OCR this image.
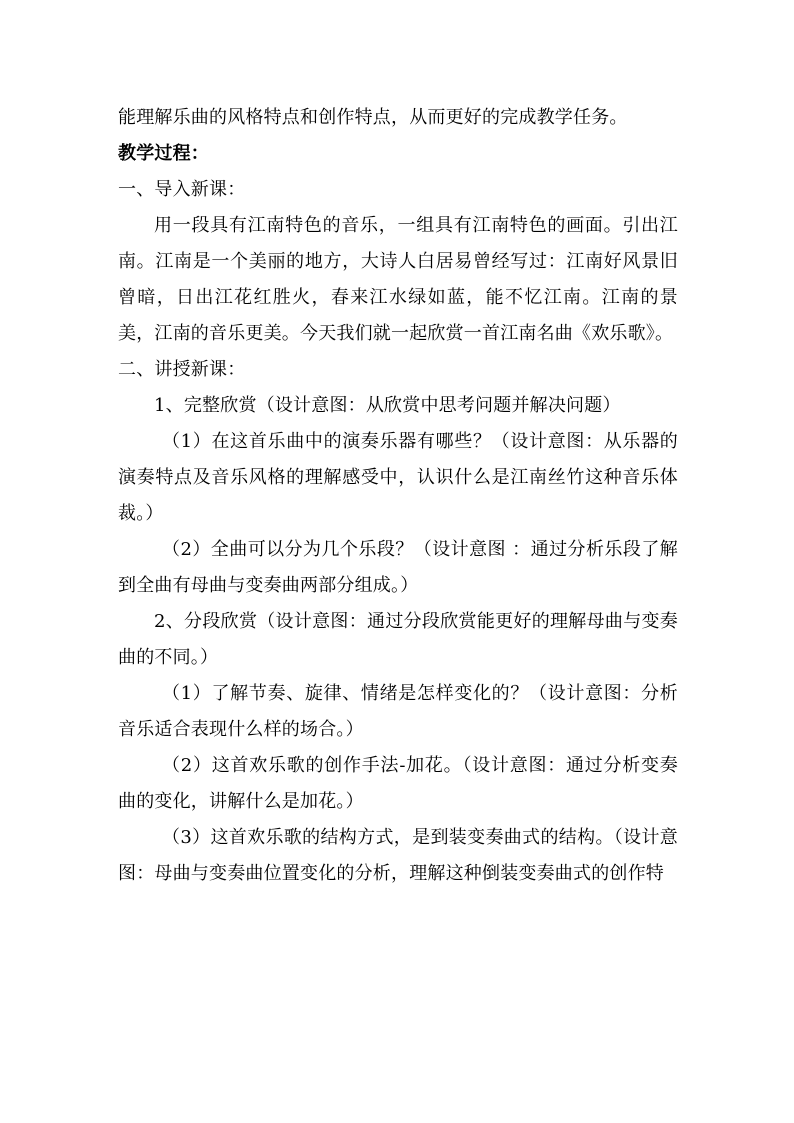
能理解乐曲的风格特点和创作特点，从而更好的完成教学任务。

教学过程：

一、导入新课：

用一段具有江南特色的音乐，一组具有江南特色的画面。引出江南。江南是一个美丽的地方，大诗人白居易曾经写过：江南好风景旧曾暗，日出江花红胜火，春来江水绿如蓝，能不忆江南。江南的景美，江南的音乐更美。今天我们就一起欣赏一首江南名曲《欢乐歌》。

二、讲授新课：

1、完整欣赏（设计意图：从欣赏中思考问题并解决问题）

（1）在这首乐曲中的演奏乐器有哪些？（设计意图：从乐器的演奏特点及音乐风格的理解感受中，认识什么是江南丝竹这种音乐体裁。）

（2）全曲可以分为几个乐段？（设计意图 ：通过分析乐段了解到全曲有母曲与变奏曲两部分组成。）

2、分段欣赏（设计意图：通过分段欣赏能更好的理解母曲与变奏曲的不同。）

（1）了解节奏、旋律、情绪是怎样变化的？（设计意图：分析音乐适合表现什么样的场合。）

（2）这首欢乐歌的创作手法-加花。（设计意图：通过分析变奏曲的变化，讲解什么是加花。）

（3）这首欢乐歌的结构方式，是到装变奏曲式的结构。（设计意图：母曲与变奏曲位置变化的分析，理解这种倒装变奏曲式的创作特
